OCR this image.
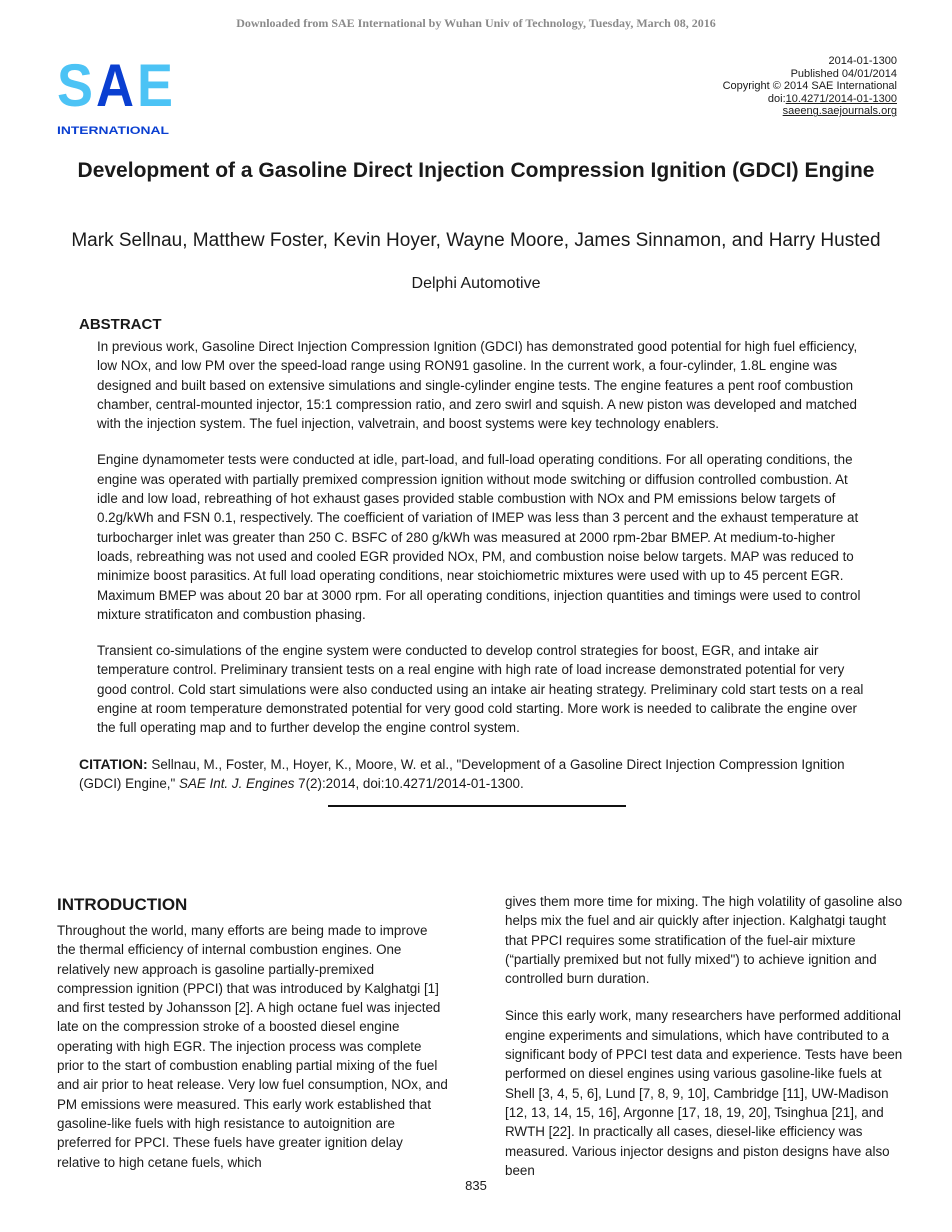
Downloaded from SAE International by Wuhan Univ of Technology, Tuesday, March 08, 2016
S A E
INTERNATIONAL
2014-01-1300
Published 04/01/2014
Copyright © 2014 SAE International
doi:10.4271/2014-01-1300
saeeng.saejournals.org
Development of a Gasoline Direct Injection Compression Ignition (GDCI) Engine
Mark Sellnau, Matthew Foster, Kevin Hoyer, Wayne Moore, James Sinnamon, and Harry Husted
Delphi Automotive
ABSTRACT

In previous work, Gasoline Direct Injection Compression Ignition (GDCI) has demonstrated good potential for high fuel efficiency, low NOx, and low PM over the speed-load range using RON91 gasoline. In the current work, a four-cylinder, 1.8L engine was designed and built based on extensive simulations and single-cylinder engine tests. The engine features a pent roof combustion chamber, central-mounted injector, 15:1 compression ratio, and zero swirl and squish. A new piston was developed and matched with the injection system. The fuel injection, valvetrain, and boost systems were key technology enablers.

Engine dynamometer tests were conducted at idle, part-load, and full-load operating conditions. For all operating conditions, the engine was operated with partially premixed compression ignition without mode switching or diffusion controlled combustion. At idle and low load, rebreathing of hot exhaust gases provided stable combustion with NOx and PM emissions below targets of 0.2g/kWh and FSN 0.1, respectively. The coefficient of variation of IMEP was less than 3 percent and the exhaust temperature at turbocharger inlet was greater than 250 C. BSFC of 280 g/kWh was measured at 2000 rpm-2bar BMEP. At medium-to-higher loads, rebreathing was not used and cooled EGR provided NOx, PM, and combustion noise below targets. MAP was reduced to minimize boost parasitics. At full load operating conditions, near stoichiometric mixtures were used with up to 45 percent EGR. Maximum BMEP was about 20 bar at 3000 rpm. For all operating conditions, injection quantities and timings were used to control mixture stratificaton and combustion phasing.

Transient co-simulations of the engine system were conducted to develop control strategies for boost, EGR, and intake air temperature control. Preliminary transient tests on a real engine with high rate of load increase demonstrated potential for very good control. Cold start simulations were also conducted using an intake air heating strategy. Preliminary cold start tests on a real engine at room temperature demonstrated potential for very good cold starting. More work is needed to calibrate the engine over the full operating map and to further develop the engine control system.

CITATION: Sellnau, M., Foster, M., Hoyer, K., Moore, W. et al., "Development of a Gasoline Direct Injection Compression Ignition (GDCI) Engine," SAE Int. J. Engines 7(2):2014, doi:10.4271/2014-01-1300.
INTRODUCTION
Throughout the world, many efforts are being made to improve the thermal efficiency of internal combustion engines. One relatively new approach is gasoline partially-premixed compression ignition (PPCI) that was introduced by Kalghatgi [1] and first tested by Johansson [2]. A high octane fuel was injected late on the compression stroke of a boosted diesel engine operating with high EGR. The injection process was complete prior to the start of combustion enabling partial mixing of the fuel and air prior to heat release. Very low fuel consumption, NOx, and PM emissions were measured. This early work established that gasoline-like fuels with high resistance to autoignition are preferred for PPCI. These fuels have greater ignition delay relative to high cetane fuels, which

gives them more time for mixing. The high volatility of gasoline also helps mix the fuel and air quickly after injection. Kalghatgi taught that PPCI requires some stratification of the fuel-air mixture (“partially premixed but not fully mixed") to achieve ignition and controlled burn duration.

Since this early work, many researchers have performed additional engine experiments and simulations, which have contributed to a significant body of PPCI test data and experience. Tests have been performed on diesel engines using various gasoline-like fuels at Shell [3, 4, 5, 6], Lund [7, 8, 9, 10], Cambridge [11], UW-Madison [12, 13, 14, 15, 16], Argonne [17, 18, 19, 20], Tsinghua [21], and RWTH [22]. In practically all cases, diesel-like efficiency was measured. Various injector designs and piston designs have also been

835
